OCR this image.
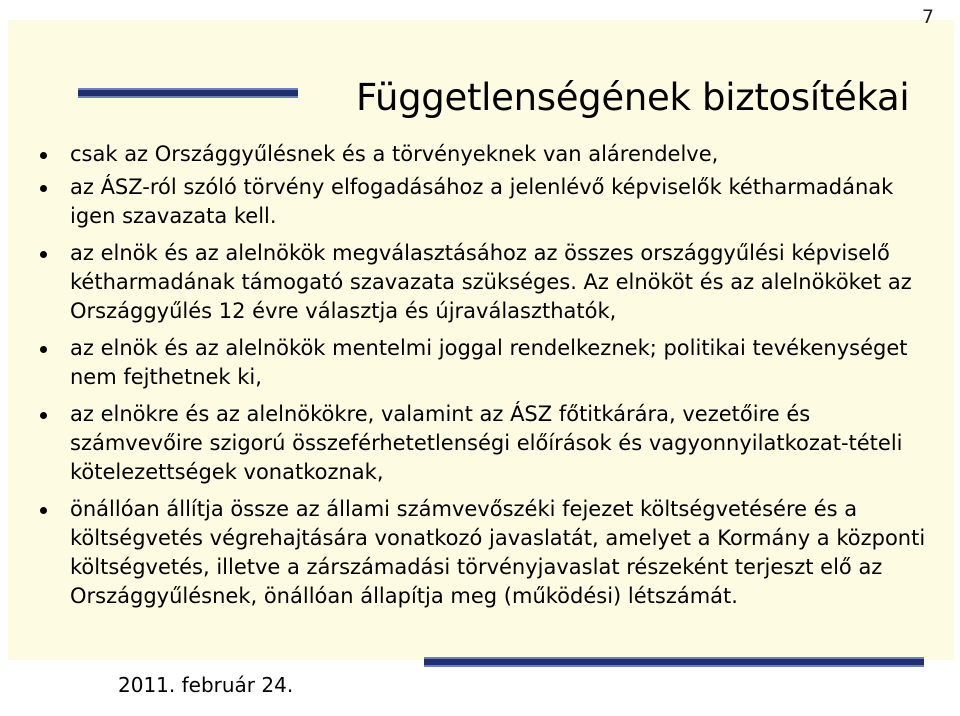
7
Függetlenségének biztosítékai
csak az Országgyűlésnek és a törvényeknek van alárendelve,
az ÁSZ-ról szóló törvény elfogadásához a jelenlévő képviselők kétharmadának igen szavazata kell.
az elnök és az alelnökök megválasztásához az összes országgyűlési képviselő kétharmadának támogató szavazata szükséges. Az elnököt és az alelnököket az Országgyűlés 12 évre választja és újraválaszthatók,
az elnök és az alelnökök mentelmi joggal rendelkeznek; politikai tevékenységet nem fejthetnek ki,
az elnökre és az alelnökökre, valamint az ÁSZ főtitkárára, vezetőire és számvevőire szigorú összeférhetetlenségi előírások és vagyonnyilatkozat-tételi kötelezettségek vonatkoznak,
önállóan állítja össze az állami számvevőszéki fejezet költségvetésére és a költségvetés végrehajtására vonatkozó javaslatát, amelyet a Kormány a központi költségvetés, illetve a zárszámadási törvényjavaslat részeként terjeszt elő az Országgyűlésnek, önállóan állapítja meg (működési) létszámát.
2011. február 24.
